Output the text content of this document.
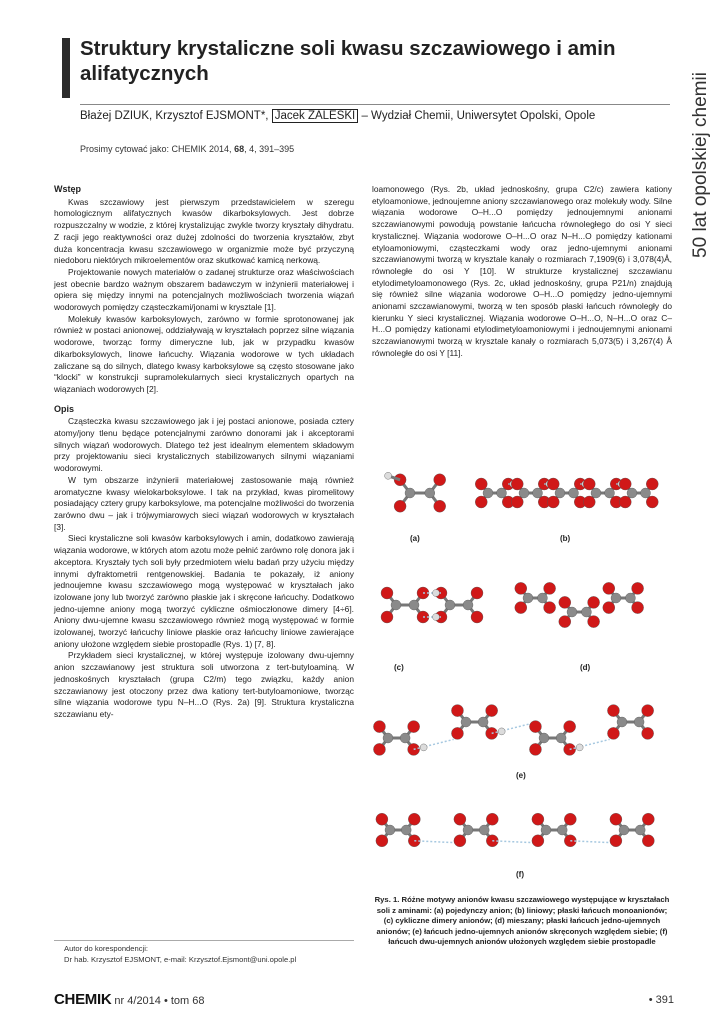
Struktury krystaliczne soli kwasu szczawiowego i amin alifatycznych
Błażej DZIUK, Krzysztof EJSMONT*, Jacek ZALESKI – Wydział Chemii, Uniwersytet Opolski, Opole
Prosimy cytować jako: CHEMIK 2014, 68, 4, 391–395	50 lat opolskiej chemii
Wstęp

Kwas szczawiowy jest pierwszym przedstawicielem w szeregu homologicznym alifatycznych kwasów dikarboksylowych. Jest dobrze rozpuszczalny w wodzie, z której krystalizując zwykle tworzy kryształy dihydratu. Z racji jego reaktywności oraz dużej zdolności do tworzenia kryształów, zbyt duża koncentracja kwasu szczawiowego w organizmie może być przyczyną niedoboru niektórych mikroelementów oraz skutkować kamicą nerkową.

Projektowanie nowych materiałów o zadanej strukturze oraz właściwościach jest obecnie bardzo ważnym obszarem badawczym w inżynierii materiałowej i opiera się między innymi na potencjalnych możliwościach tworzenia wiązań wodorowych pomiędzy cząsteczkami/jonami w krysztale [1].

Molekuły kwasów karboksylowych, zarówno w formie sprotonowanej jak również w postaci anionowej, oddziaływają w kryształach poprzez silne wiązania wodorowe, tworząc formy dimeryczne lub, jak w przypadku kwasów dikarboksylowych, linowe łańcuchy. Wiązania wodorowe w tych układach zaliczane są do silnych, dlatego kwasy karboksylowe są często stosowane jako “klocki” w konstrukcji supramolekularnych sieci krystalicznych opartych na wiązaniach wodorowych [2].

Opis

Cząsteczka kwasu szczawiowego jak i jej postaci anionowe, posiada cztery atomy/jony tlenu będące potencjalnymi zarówno donorami jak i akceptorami silnych wiązań wodorowych. Dlatego też jest idealnym elementem składowym przy projektowaniu sieci krystalicznych stabilizowanych silnymi wiązaniami wodorowymi.

W tym obszarze inżynierii materiałowej zastosowanie mają również aromatyczne kwasy wielokarboksylowe. I tak na przykład, kwas piromelitowy posiadający cztery grupy karboksylowe, ma potencjalne możliwości do tworzenia zarówno dwu – jak i trójwymiarowych sieci wiązań wodorowych w kryształach [3].

Sieci krystaliczne soli kwasów karboksylowych i amin, dodatkowo zawierają wiązania wodorowe, w których atom azotu może pełnić zarówno rolę donora jak i akceptora. Kryształy tych soli były przedmiotem wielu badań przy użyciu między innymi dyfraktometrii rentgenowskiej. Badania te pokazały, iż aniony jednoujemne kwasu szczawiowego mogą występować w kryształach jako izolowane jony lub tworzyć zarówno płaskie jak i skręcone łańcuchy. Dodatkowo jedno-ujemne aniony mogą tworzyć cykliczne ośmioczłonowe dimery [4÷6]. Aniony dwu-ujemne kwasu szczawiowego również mogą występować w formie izolowanej, tworzyć łańcuchy liniowe płaskie oraz łańcuchy liniowe zawierające aniony ułożone względem siebie prostopadle (Rys. 1) [7, 8].

Przykładem sieci krystalicznej, w której występuje izolowany dwu-ujemny anion szczawianowy jest struktura soli utworzona z tert-butyloaminą. W jednoskośnych kryształach (grupa C2/m) tego związku, każdy anion szczawianowy jest otoczony przez dwa kationy tert-butyloamoniowe, tworząc silne wiązania wodorowe typu N–H...O (Rys. 2a) [9]. Struktura krystaliczna szczawianu ety-

loamonowego (Rys. 2b, układ jednoskośny, grupa C2/c) zawiera kationy etyloamoniowe, jednoujemne aniony szczawianowego oraz molekuły wody. Silne wiązania wodorowe O–H...O pomiędzy jednoujemnymi anionami szczawianowymi powodują powstanie łańcucha równoległego do osi Y sieci krystalicznej. Wiązania wodorowe O–H...O oraz N–H...O pomiędzy kationami etyloamoniowymi, cząsteczkami wody oraz jedno-ujemnymi anionami szczawianowymi tworzą w krysztale kanały o rozmiarach 7,1909(6) i 3,078(4)Å, równoległe do osi Y [10]. W strukturze krystalicznej szczawianu etylodimetyloamonowego (Rys. 2c, układ jednoskośny, grupa P21/n) znajdują się również silne wiązania wodorowe O–H...O pomiędzy jedno-ujemnymi anionami szczawianowymi, tworzą w ten sposób płaski łańcuch równoległy do kierunku Y sieci krystalicznej. Wiązania wodorowe O–H...O, N–H...O oraz C–H...O pomiędzy kationami etylodimetyloamoniowymi i jednoujemnymi anionami szczawianowymi tworzą w krysztale kanały o rozmiarach 5,073(5) i 3,267(4) Å równoległe do osi Y [11].

(a)	(b)
(c)	(d)
(e)
(f)
Rys. 1. Różne motywy anionów kwasu szczawiowego występujące w kryształach soli z aminami: (a) pojedynczy anion; (b) liniowy; płaski łańcuch monoanionów; (c) cykliczne dimery anionów; (d) mieszany; płaski łańcuch jedno-ujemnych anionów; (e) łańcuch jedno-ujemnych anionów skręconych względem siebie; (f) łańcuch dwu-ujemnych anionów ułożonych względem siebie prostopadle
Autor do korespondencji:
Dr hab. Krzysztof EJSMONT, e-mail: Krzysztof.Ejsmont@uni.opole.pl
CHEMIK nr 4/2014 • tom 68	• 391
